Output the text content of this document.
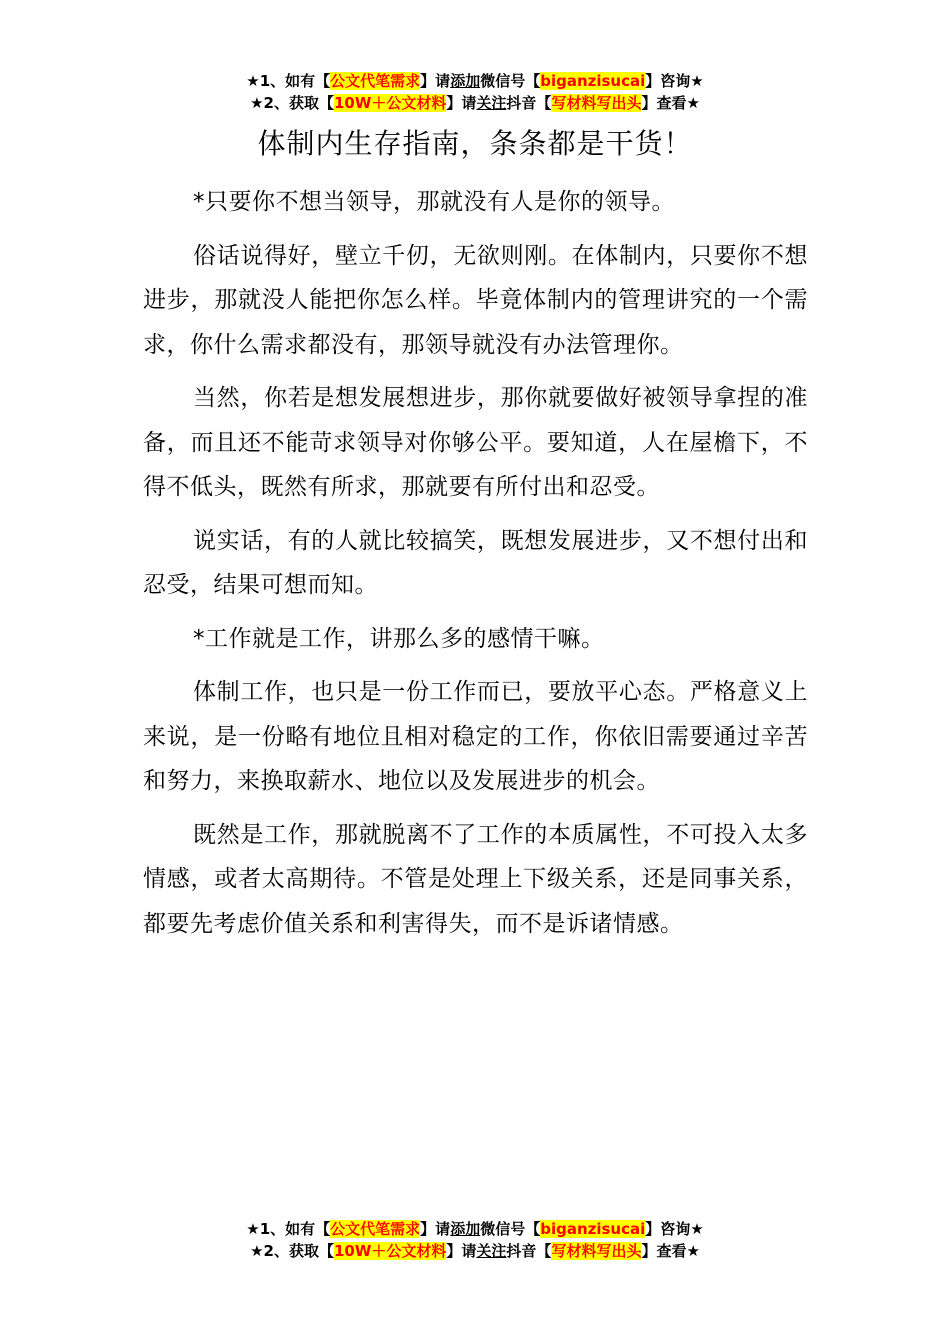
★1、如有【公文代笔需求】请添加微信号【biganzisucai】咨询★
★2、获取【10W＋公文材料】请关注抖音【写材料写出头】查看★
体制内生存指南，条条都是干货！

*只要你不想当领导，那就没有人是你的领导。

俗话说得好，壁立千仞，无欲则刚。在体制内，只要你不想进步，那就没人能把你怎么样。毕竟体制内的管理讲究的一个需求，你什么需求都没有，那领导就没有办法管理你。

当然，你若是想发展想进步，那你就要做好被领导拿捏的准备，而且还不能苛求领导对你够公平。要知道，人在屋檐下，不得不低头，既然有所求，那就要有所付出和忍受。

说实话，有的人就比较搞笑，既想发展进步，又不想付出和忍受，结果可想而知。

*工作就是工作，讲那么多的感情干嘛。

体制工作，也只是一份工作而已，要放平心态。严格意义上来说，是一份略有地位且相对稳定的工作，你依旧需要通过辛苦和努力，来换取薪水、地位以及发展进步的机会。

既然是工作，那就脱离不了工作的本质属性，不可投入太多情感，或者太高期待。不管是处理上下级关系，还是同事关系，都要先考虑价值关系和利害得失，而不是诉诸情感。

★1、如有【公文代笔需求】请添加微信号【biganzisucai】咨询★
★2、获取【10W＋公文材料】请关注抖音【写材料写出头】查看★
